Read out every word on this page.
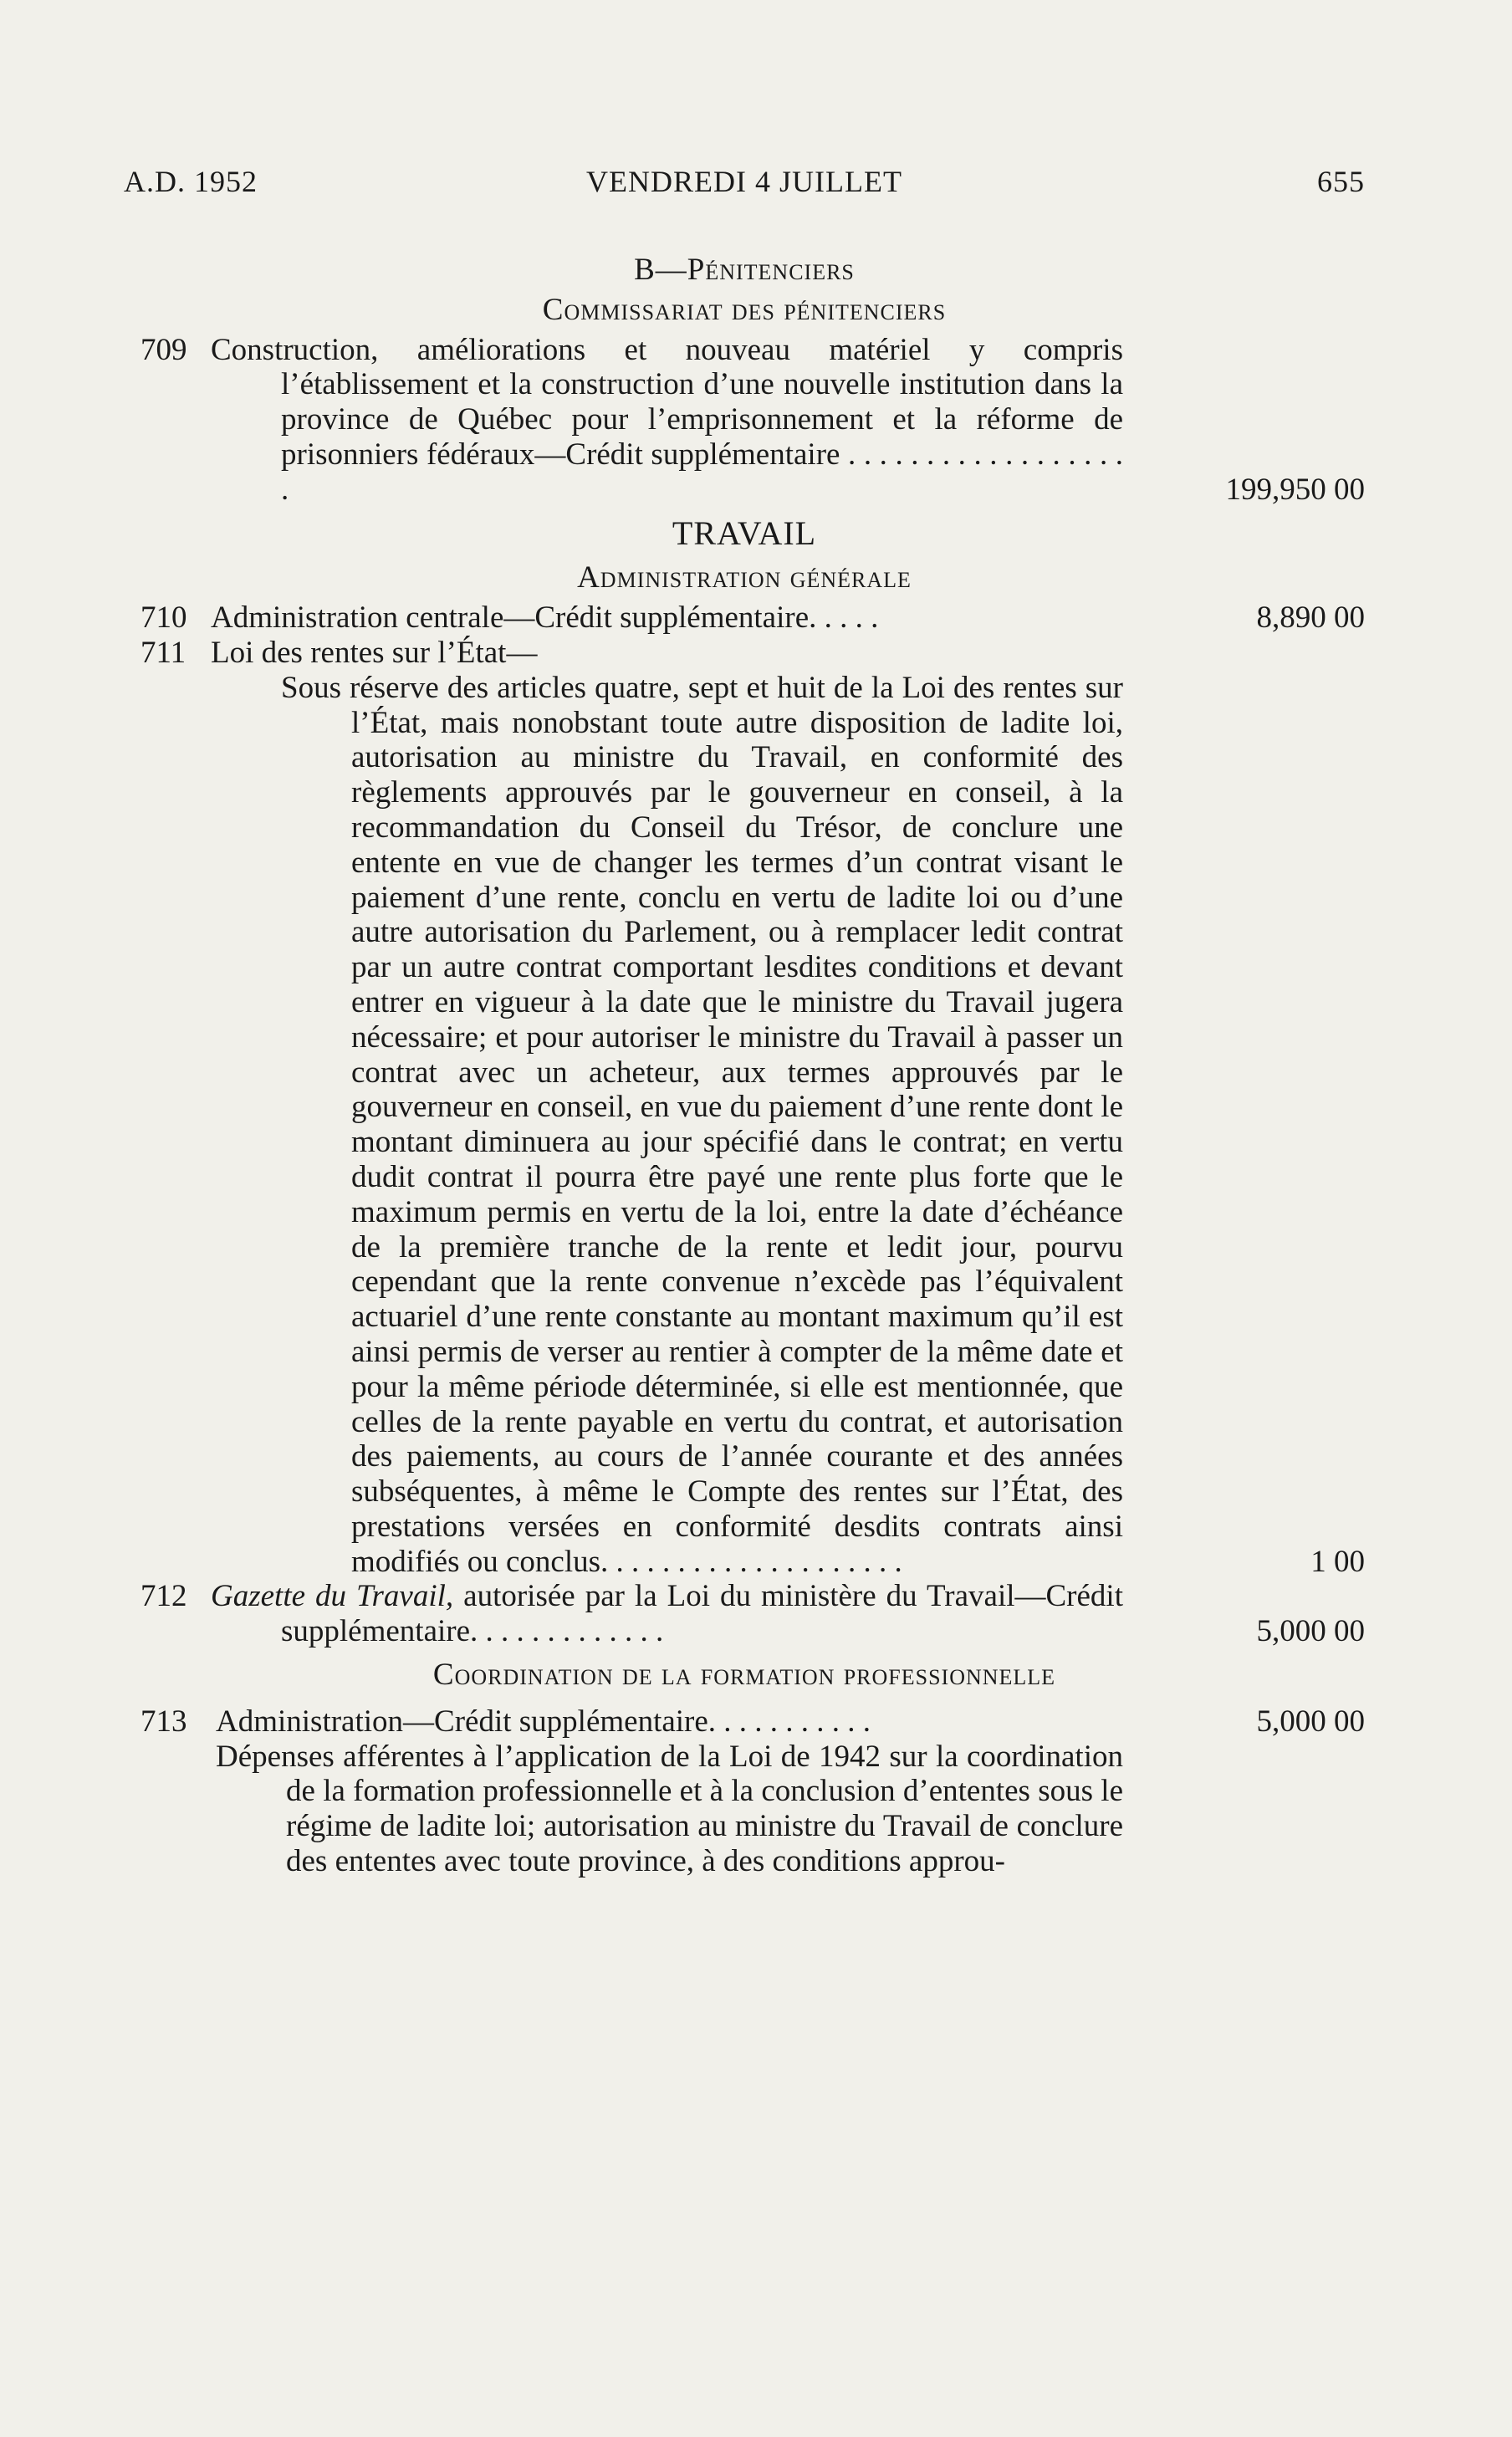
A.D. 1952	VENDREDI 4 JUILLET	655
B—Pénitenciers
Commissariat des pénitenciers
709 Construction, améliorations et nouveau matériel y compris l’établissement et la construction d’une nouvelle institution dans la province de Québec pour l’emprisonnement et la réforme de prisonniers fédéraux—Crédit supplémentaire . . . . . . . . . . . . . . . . . . .	199,950 00
TRAVAIL
Administration générale
710 Administration centrale—Crédit supplémentaire. . . . .	8,890 00
711 Loi des rentes sur l’État—
Sous réserve des articles quatre, sept et huit de la Loi des rentes sur l’État, mais nonobstant toute autre disposition de ladite loi, autorisation au ministre du Travail, en conformité des règlements approuvés par le gouverneur en conseil, à la recommandation du Conseil du Trésor, de conclure une entente en vue de changer les termes d’un contrat visant le paiement d’une rente, conclu en vertu de ladite loi ou d’une autre autorisation du Parlement, ou à remplacer ledit contrat par un autre contrat comportant lesdites conditions et devant entrer en vigueur à la date que le ministre du Travail jugera nécessaire; et pour autoriser le ministre du Travail à passer un contrat avec un acheteur, aux termes approuvés par le gouverneur en conseil, en vue du paiement d’une rente dont le montant diminuera au jour spécifié dans le contrat; en vertu dudit contrat il pourra être payé une rente plus forte que le maximum permis en vertu de la loi, entre la date d’échéance de la première tranche de la rente et ledit jour, pourvu cependant que la rente convenue n’excède pas l’équivalent actuariel d’une rente constante au montant maximum qu’il est ainsi permis de verser au rentier à compter de la même date et pour la même période déterminée, si elle est mentionnée, que celles de la rente payable en vertu du contrat, et autorisation des paiements, au cours de l’année courante et des années subséquentes, à même le Compte des rentes sur l’État, des prestations versées en conformité desdits contrats ainsi modifiés ou conclus. . . . . . . . . . . . . . . . . . . .	1 00
712 Gazette du Travail, autorisée par la Loi du ministère du Travail—Crédit supplémentaire. . . . . . . . . . . . .	5,000 00
Coordination de la formation professionnelle
713 Administration—Crédit supplémentaire. . . . . . . . . . .	5,000 00
Dépenses afférentes à l’application de la Loi de 1942 sur la coordination de la formation professionnelle et à la conclusion d’ententes sous le régime de ladite loi; autorisation au ministre du Travail de conclure des ententes avec toute province, à des conditions approu-
